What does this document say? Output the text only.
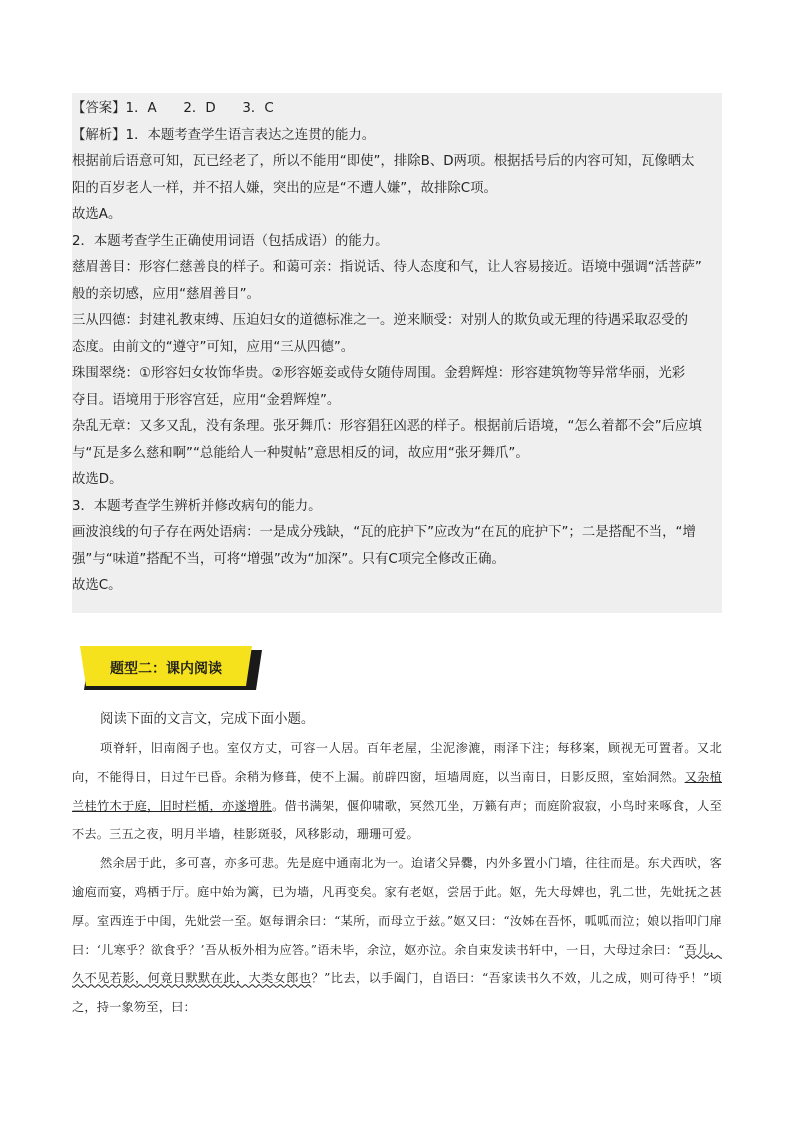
【答案】1．A　　2．D　　3．C

【解析】1．本题考查学生语言表达之连贯的能力。

根据前后语意可知，瓦已经老了，所以不能用“即使”，排除B、D两项。根据括号后的内容可知，瓦像晒太

阳的百岁老人一样，并不招人嫌，突出的应是“不遭人嫌”，故排除C项。

故选A。

2．本题考查学生正确使用词语（包括成语）的能力。

慈眉善目：形容仁慈善良的样子。和蔼可亲：指说话、待人态度和气，让人容易接近。语境中强调“活菩萨”

般的亲切感，应用“慈眉善目”。

三从四德：封建礼教束缚、压迫妇女的道德标准之一。逆来顺受：对别人的欺负或无理的待遇采取忍受的

态度。由前文的“遵守”可知，应用“三从四德”。

珠围翠绕：①形容妇女妆饰华贵。②形容姬妾或侍女随侍周围。金碧辉煌：形容建筑物等异常华丽，光彩

夺目。语境用于形容宫廷，应用“金碧辉煌”。

杂乱无章：又多又乱，没有条理。张牙舞爪：形容猖狂凶恶的样子。根据前后语境，“怎么着都不会”后应填

与“瓦是多么慈和啊”“总能给人一种熨帖”意思相反的词，故应用“张牙舞爪”。

故选D。

3．本题考查学生辨析并修改病句的能力。

画波浪线的句子存在两处语病：一是成分残缺，“瓦的庇护下”应改为“在瓦的庇护下”；二是搭配不当，“增

强”与“味道”搭配不当，可将“增强”改为“加深”。只有C项完全修改正确。

故选C。

题型二：课内阅读

阅读下面的文言文，完成下面小题。

项脊轩，旧南阁子也。室仅方丈，可容一人居。百年老屋，尘泥渗漉，雨泽下注；每移案，顾视无可置者。又北向，不能得日，日过午已昏。余稍为修葺，使不上漏。前辟四窗，垣墙周庭，以当南日，日影反照，室始洞然。又杂植兰桂竹木于庭，旧时栏楯，亦遂增胜。借书满架，偃仰啸歌，冥然兀坐，万籁有声；而庭阶寂寂，小鸟时来啄食，人至不去。三五之夜，明月半墙，桂影斑驳，风移影动，珊珊可爱。

然余居于此，多可喜，亦多可悲。先是庭中通南北为一。迨诸父异爨，内外多置小门墙，往往而是。东犬西吠，客逾庖而宴，鸡栖于厅。庭中始为篱，已为墙，凡再变矣。家有老妪，尝居于此。妪，先大母婢也，乳二世，先妣抚之甚厚。室西连于中闺，先妣尝一至。妪每谓余曰：“某所，而母立于兹。”妪又曰：“汝姊在吾怀，呱呱而泣；娘以指叩门扉曰：‘儿寒乎？欲食乎？’吾从板外相为应答。”语未毕，余泣，妪亦泣。余自束发读书轩中，一日，大母过余曰：“吾儿，久不见若影，何竟日默默在此，大类女郎也？”比去，以手阖门，自语曰：“吾家读书久不效，儿之成，则可待乎！”顷之，持一象笏至，曰：
